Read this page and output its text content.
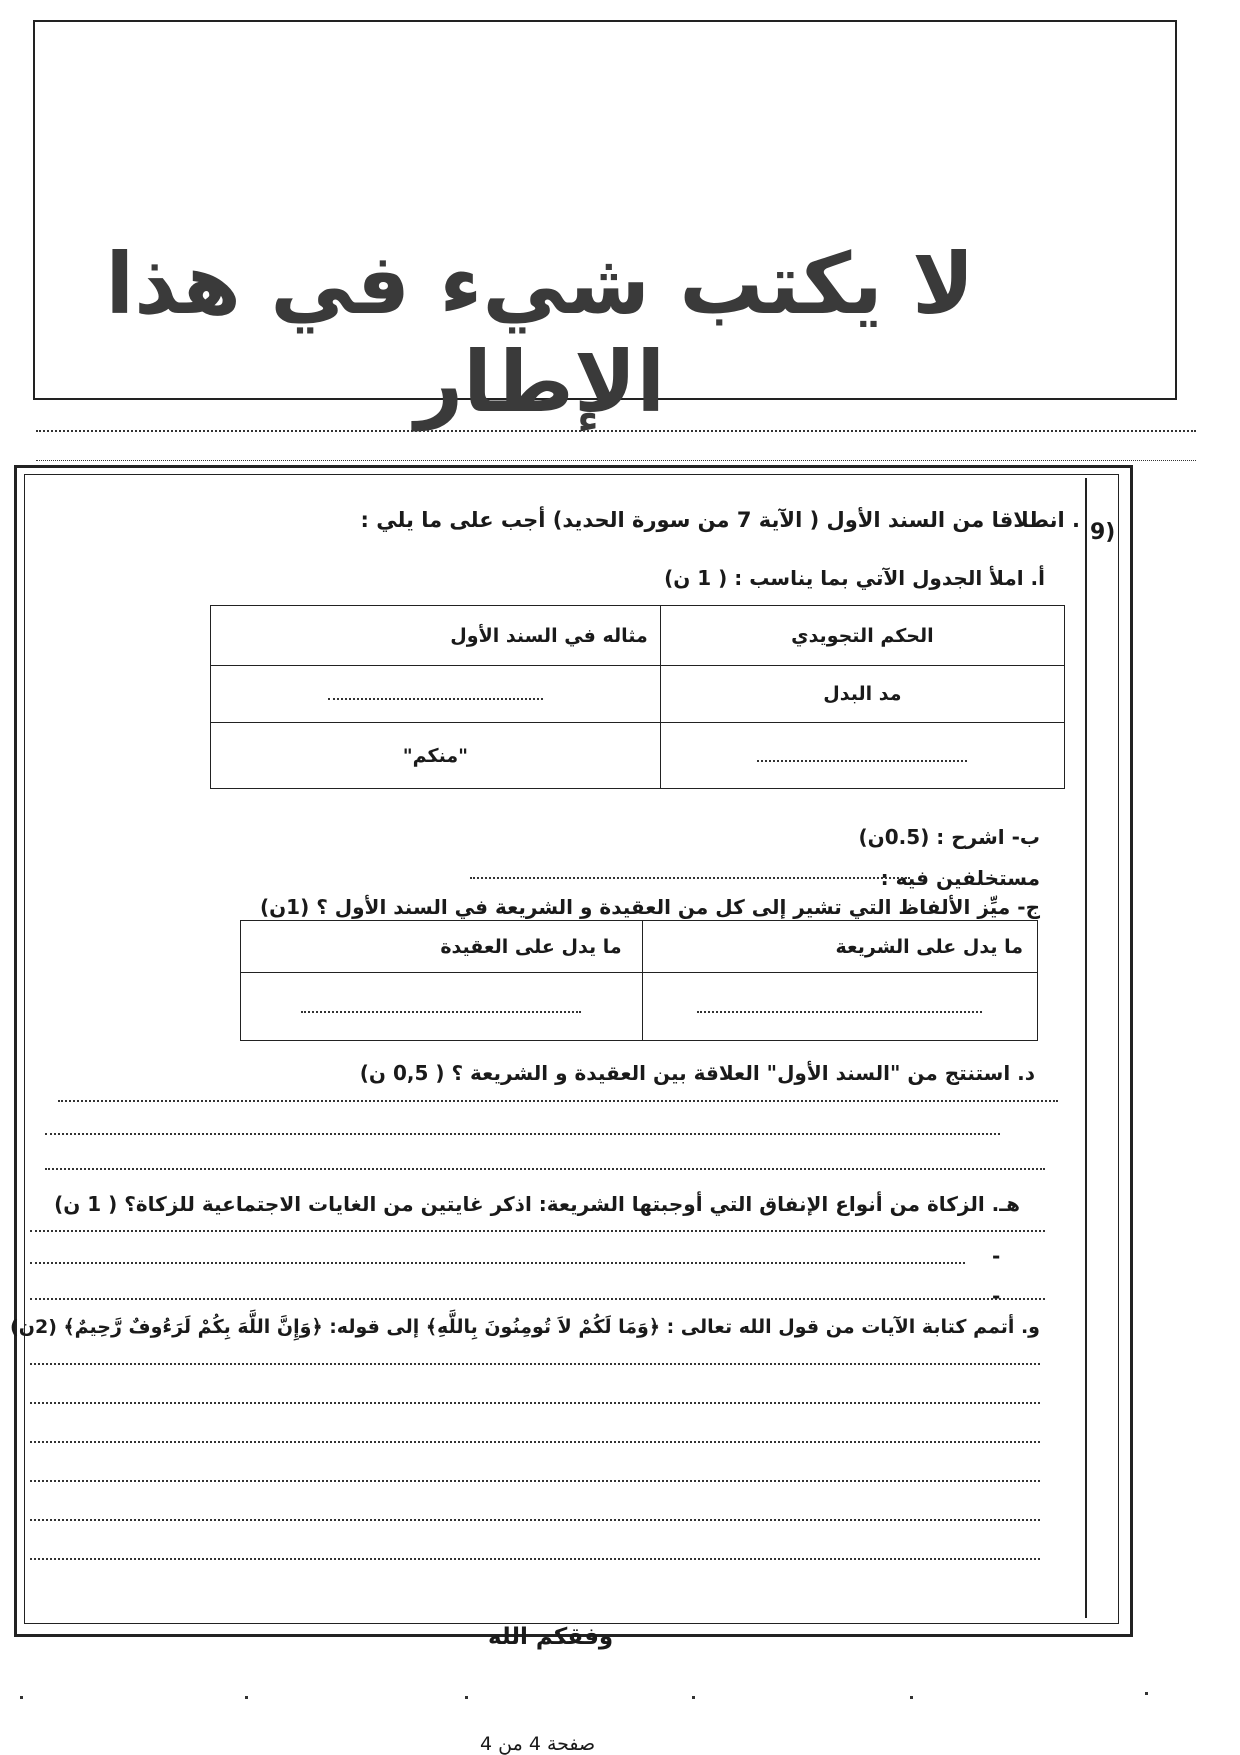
لا يكتب شيء في هذا الإطار
9)
. انطلاقا من السند الأول ( الآية 7 من سورة الحديد) أجب على ما يلي :
أ. املأ الجدول الآتي بما يناسب : ( 1 ن)
الحكم التجويدي	مثاله في السند الأول
مد البدل	
	"منكم"
ب- اشرح : (0.5ن)
مستخلفين فيه :
ج- ميِّز الألفاظ التي تشير إلى كل من العقيدة و الشريعة في السند الأول ؟ (1ن)
ما يدل على الشريعة	ما يدل على العقيدة

د. استنتج من "السند الأول" العلاقة بين العقيدة و الشريعة ؟ ( 0,5 ن)
هـ. الزكاة من أنواع الإنفاق التي أوجبتها الشريعة: اذكر غايتين من الغايات الاجتماعية للزكاة؟ ( 1 ن)
-
-
و. أتمم كتابة الآيات من قول الله تعالى : ﴿وَمَا لَكُمْ لاَ تُومِنُونَ بِاللَّهِ﴾ إلى قوله: ﴿وَإِنَّ اللَّهَ بِكُمْ لَرَءُوفٌ رَّحِيمٌ﴾ (2ن)
وفقكم الله
صفحة 4 من 4
